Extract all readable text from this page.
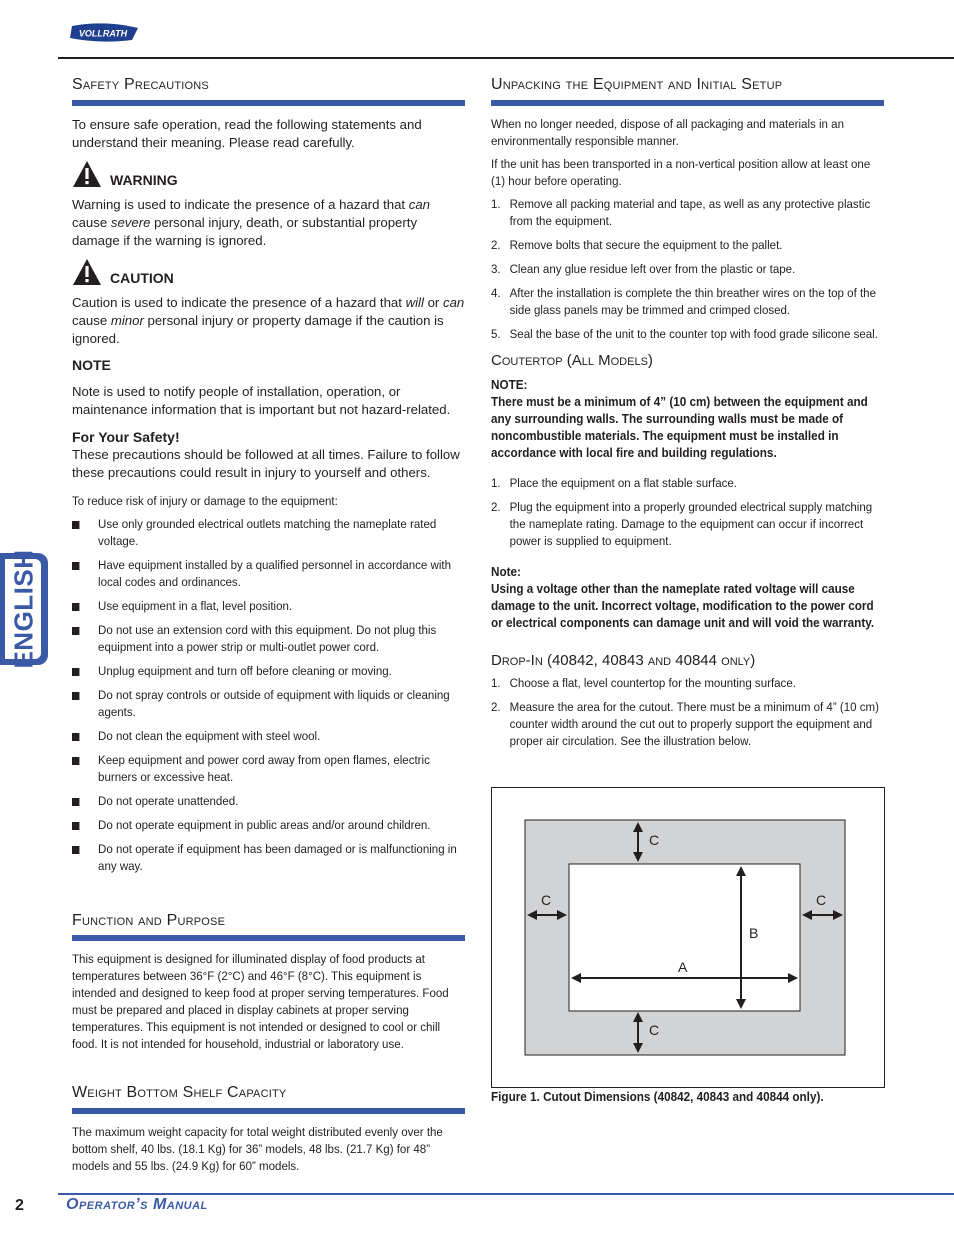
VOLLRATH
Safety Precautions

To ensure safe operation, read the following statements and understand their meaning. Please read carefully.

WARNING

Warning is used to indicate the presence of a hazard that can cause severe personal injury, death, or substantial property damage if the warning is ignored.

CAUTION

Caution is used to indicate the presence of a hazard that will or can cause minor personal injury or property damage if the caution is ignored.

NOTE

Note is used to notify people of installation, operation, or maintenance information that is important but not hazard-related.

For Your Safety!

These precautions should be followed at all times. Failure to follow these precautions could result in injury to yourself and others.

To reduce risk of injury or damage to the equipment:

Use only grounded electrical outlets matching the nameplate rated voltage.
Have equipment installed by a qualified personnel in accordance with local codes and ordinances.
Use equipment in a flat, level position.
Do not use an extension cord with this equipment. Do not plug this equipment into a power strip or multi-outlet power cord.
Unplug equipment and turn off before cleaning or moving.
Do not spray controls or outside of equipment with liquids or cleaning agents.
Do not clean the equipment with steel wool.
Keep equipment and power cord away from open flames, electric burners or excessive heat.
Do not operate unattended.
Do not operate equipment in public areas and/or around children.
Do not operate if equipment has been damaged or is malfunctioning in any way.
Function and Purpose

This equipment is designed for illuminated display of food products at temperatures between 36°F (2°C) and 46°F (8°C). This equipment is intended and designed to keep food at proper serving temperatures. Food must be prepared and placed in display cabinets at proper serving temperatures. This equipment is not intended or designed to cool or chill food. It is not intended for household, industrial or laboratory use.

Weight Bottom Shelf Capacity

The maximum weight capacity for total weight distributed evenly over the bottom shelf, 40 lbs. (18.1 Kg) for 36” models, 48 lbs. (21.7 Kg) for 48” models and 55 lbs. (24.9 Kg) for 60” models.

Unpacking the Equipment and Initial Setup

When no longer needed, dispose of all packaging and materials in an environmentally responsible manner.

If the unit has been transported in a non-vertical position allow at least one (1) hour before operating.

1. Remove all packing material and tape, as well as any protective plastic from the equipment.
2. Remove bolts that secure the equipment to the pallet.
3. Clean any glue residue left over from the plastic or tape.
4. After the installation is complete the thin breather wires on the top of the side glass panels may be trimmed and crimped closed.
5. Seal the base of the unit to the counter top with food grade silicone seal.
Coutertop (All Models)
NOTE:
There must be a minimum of 4” (10 cm) between the equipment and any surrounding walls. The surrounding walls must be made of noncombustible materials. The equipment must be installed in accordance with local fire and building regulations.
1. Place the equipment on a flat stable surface.
2. Plug the equipment into a properly grounded electrical supply matching the nameplate rating. Damage to the equipment can occur if incorrect power is supplied to equipment.
Note:
Using a voltage other than the nameplate rated voltage will cause damage to the unit. Incorrect voltage, modification to the power cord or electrical components can damage unit and will void the warranty.
Drop-In (40842, 40843 and 40844 only)
1. Choose a flat, level countertop for the mounting surface.
2. Measure the area for the cutout. There must be a minimum of 4” (10 cm) counter width around the cut out to properly support the equipment and proper air circulation. See the illustration below.
C
C
C	C
A
B
Figure 1. Cutout Dimensions (40842, 40843 and 40844 only).
ENGLISH
2	Operator’s Manual
